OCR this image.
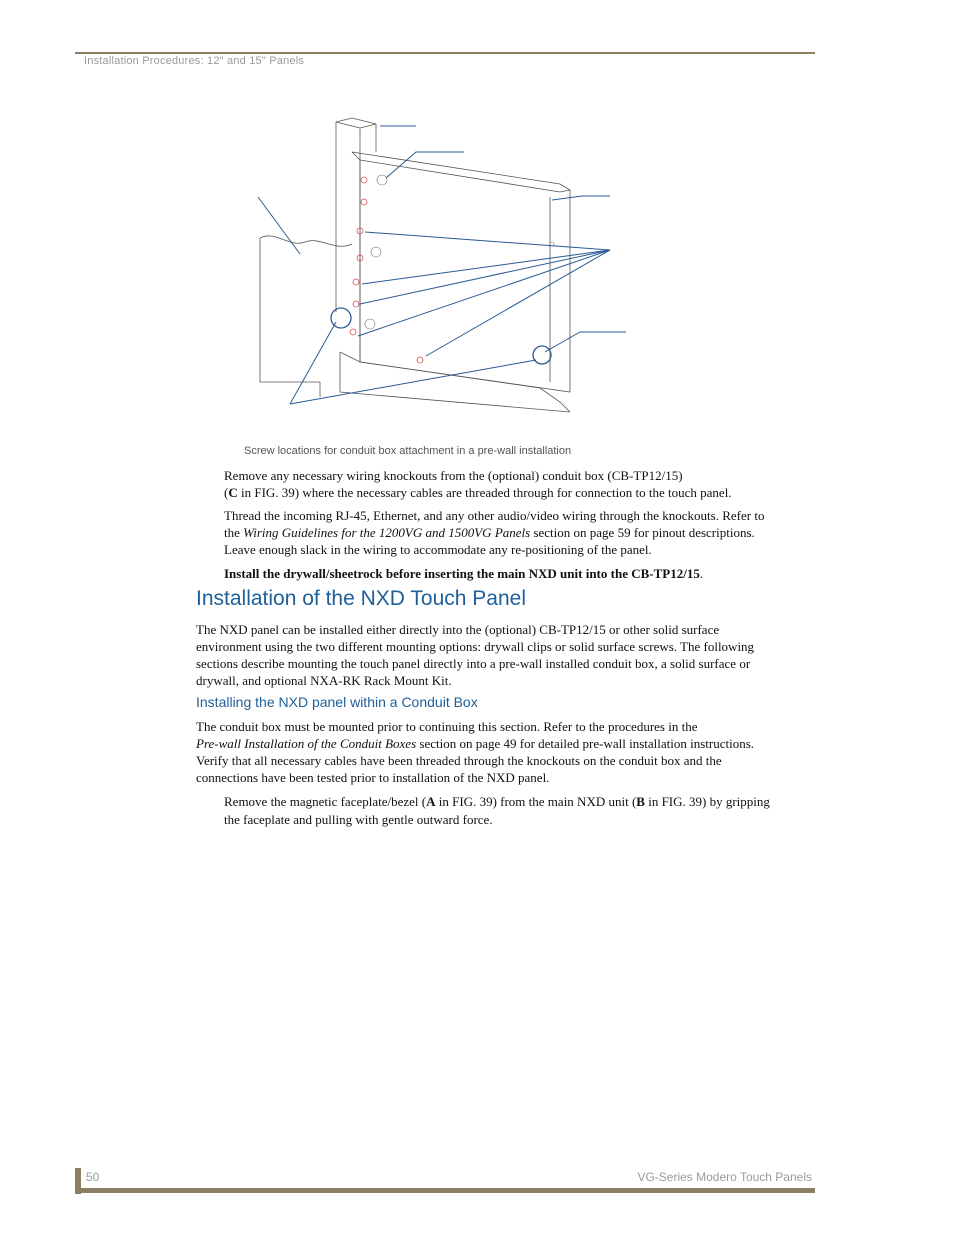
Installation Procedures: 12" and 15" Panels
Screw locations for conduit box attachment in a pre-wall installation

Remove any necessary wiring knockouts from the (optional) conduit box (CB-TP12/15)

(C in FIG. 39) where the necessary cables are threaded through for connection to the touch panel.

Thread the incoming RJ-45, Ethernet, and any other audio/video wiring through the knockouts. Refer to

the Wiring Guidelines for the 1200VG and 1500VG Panels section on page 59 for pinout descriptions.

Leave enough slack in the wiring to accommodate any re-positioning of the panel.

Install the drywall/sheetrock before inserting the main NXD unit into the CB-TP12/15.

Installation of the NXD Touch Panel

The NXD panel can be installed either directly into the (optional) CB-TP12/15 or other solid surface

environment using the two different mounting options: drywall clips or solid surface screws. The following

sections describe mounting the touch panel directly into a pre-wall installed conduit box, a solid surface or

drywall, and optional NXA-RK Rack Mount Kit.

Installing the NXD panel within a Conduit Box

The conduit box must be mounted prior to continuing this section. Refer to the procedures in the

Pre-wall Installation of the Conduit Boxes section on page 49 for detailed pre-wall installation instructions.

Verify that all necessary cables have been threaded through the knockouts on the conduit box and the

connections have been tested prior to installation of the NXD panel.

Remove the magnetic faceplate/bezel (A in FIG. 39) from the main NXD unit (B in FIG. 39) by gripping

the faceplate and pulling with gentle outward force.

50	VG-Series Modero Touch Panels
